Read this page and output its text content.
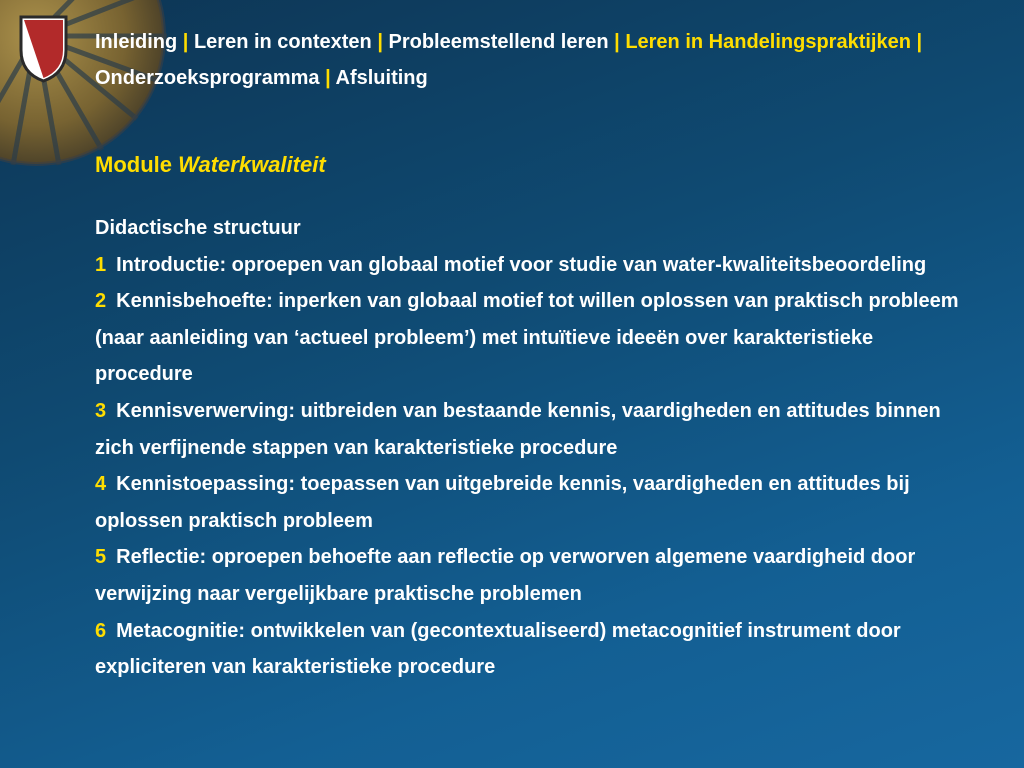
Inleiding | Leren in contexten | Probleemstellend leren | Leren in Handelingspraktijken | Onderzoeksprogramma | Afsluiting
Module Waterkwaliteit

Didactische structuur

1 Introductie: oproepen van globaal motief voor studie van water-kwaliteitsbeoordeling

2 Kennisbehoefte: inperken van globaal motief tot willen oplossen van praktisch probleem (naar aanleiding van ‘actueel probleem’) met intuïtieve ideeën over karakteristieke procedure

3 Kennisverwerving: uitbreiden van bestaande kennis, vaardigheden en attitudes binnen zich verfijnende stappen van karakteristieke procedure

4 Kennistoepassing: toepassen van uitgebreide kennis, vaardigheden en attitudes bij oplossen praktisch probleem

5 Reflectie: oproepen behoefte aan reflectie op verworven algemene vaardigheid door verwijzing naar vergelijkbare praktische problemen

6 Metacognitie: ontwikkelen van (gecontextualiseerd) metacognitief instrument door expliciteren van karakteristieke procedure
